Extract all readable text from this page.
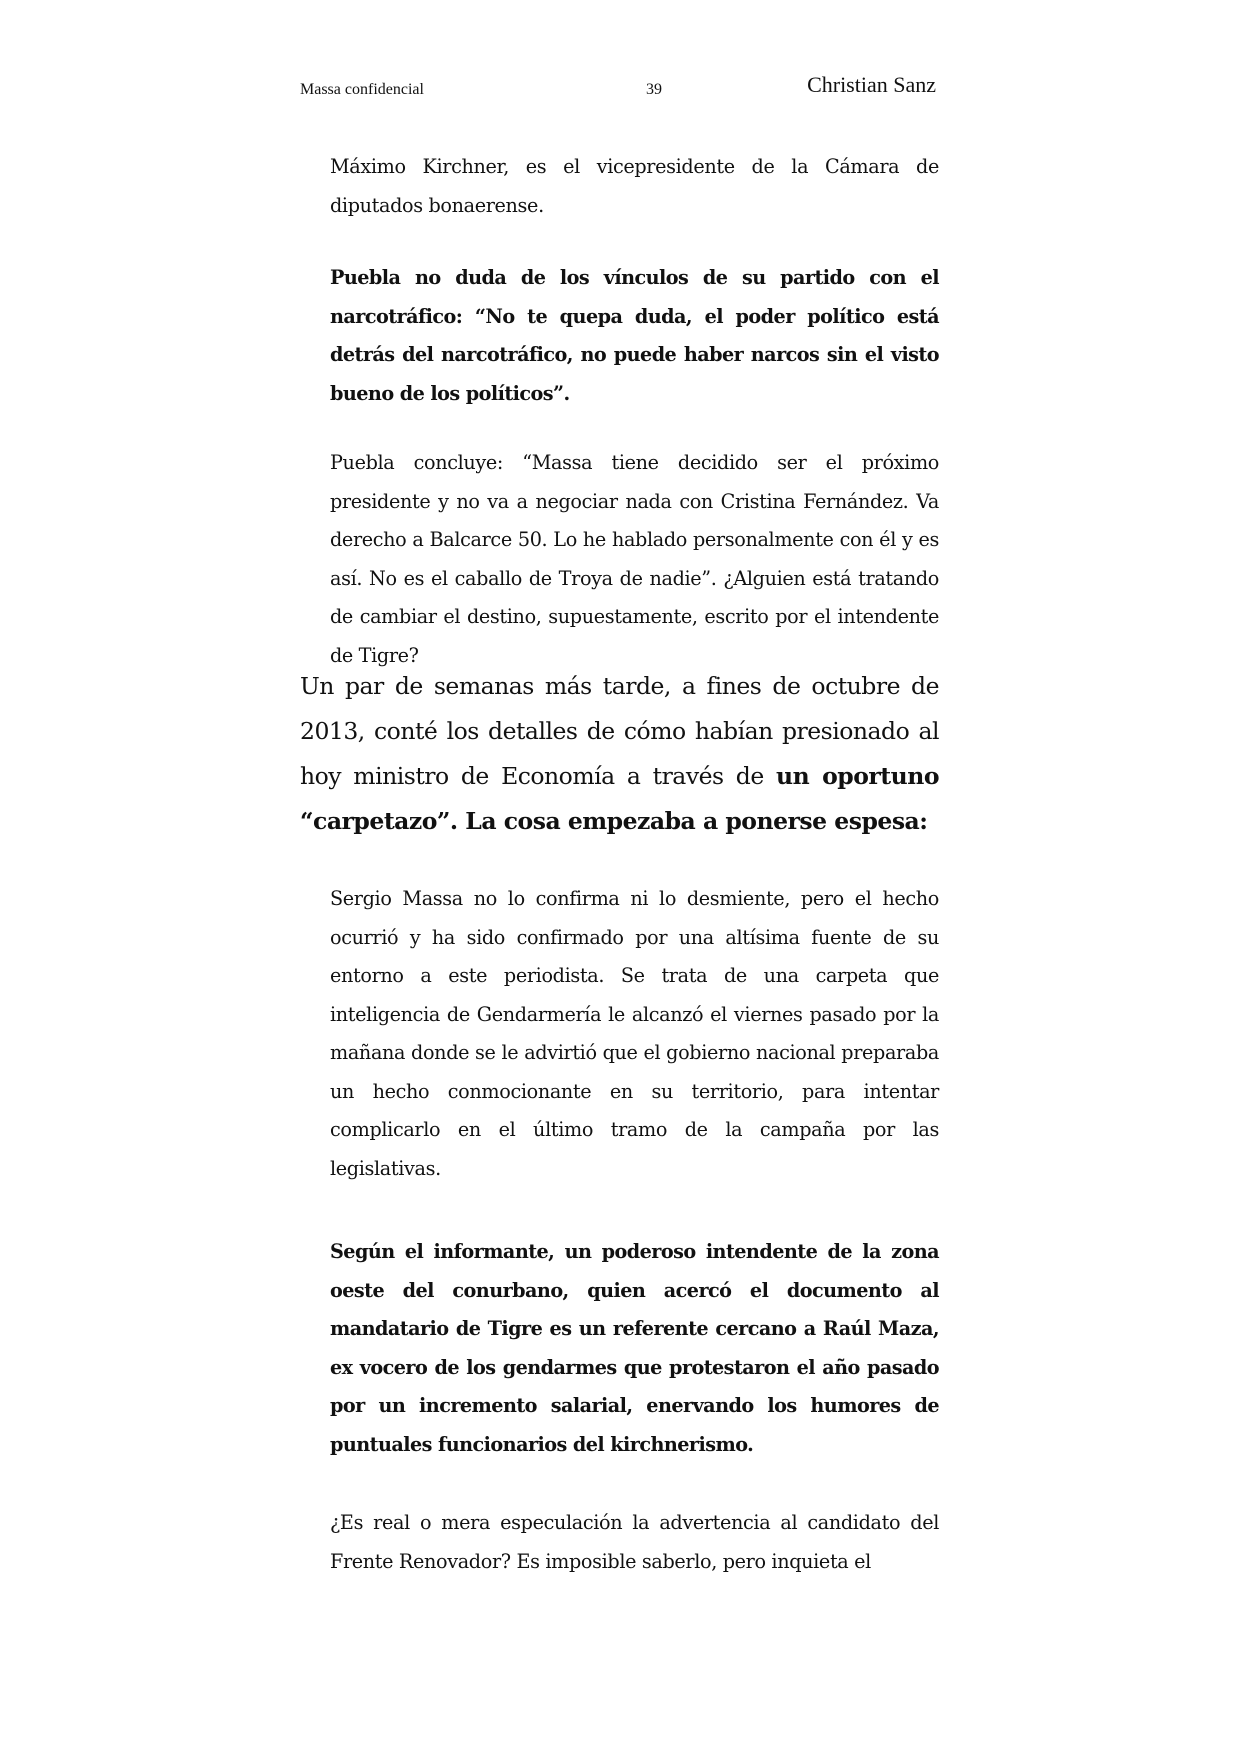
Massa confidencial	39	Christian Sanz

Máximo Kirchner, es el vicepresidente de la Cámara de diputados bonaerense.

Puebla no duda de los vínculos de su partido con el narcotráfico: “No te quepa duda, el poder político está detrás del narcotráfico, no puede haber narcos sin el visto bueno de los políticos”.

Puebla concluye: “Massa tiene decidido ser el próximo presidente y no va a negociar nada con Cristina Fernández. Va derecho a Balcarce 50. Lo he hablado personalmente con él y es así. No es el caballo de Troya de nadie”. ¿Alguien está tratando de cambiar el destino, supuestamente, escrito por el intendente de Tigre?

Un par de semanas más tarde, a fines de octubre de 2013, conté los detalles de cómo habían presionado al hoy ministro de Economía a través de un oportuno “carpetazo”. La cosa empezaba a ponerse espesa:

Sergio Massa no lo confirma ni lo desmiente, pero el hecho ocurrió y ha sido confirmado por una altísima fuente de su entorno a este periodista. Se trata de una carpeta que inteligencia de Gendarmería le alcanzó el viernes pasado por la mañana donde se le advirtió que el gobierno nacional preparaba un hecho conmocionante en su territorio, para intentar complicarlo en el último tramo de la campaña por las legislativas.

Según el informante, un poderoso intendente de la zona oeste del conurbano, quien acercó el documento al mandatario de Tigre es un referente cercano a Raúl Maza, ex vocero de los gendarmes que protestaron el año pasado por un incremento salarial, enervando los humores de puntuales funcionarios del kirchnerismo.

¿Es real o mera especulación la advertencia al candidato del Frente Renovador? Es imposible saberlo, pero inquieta el
